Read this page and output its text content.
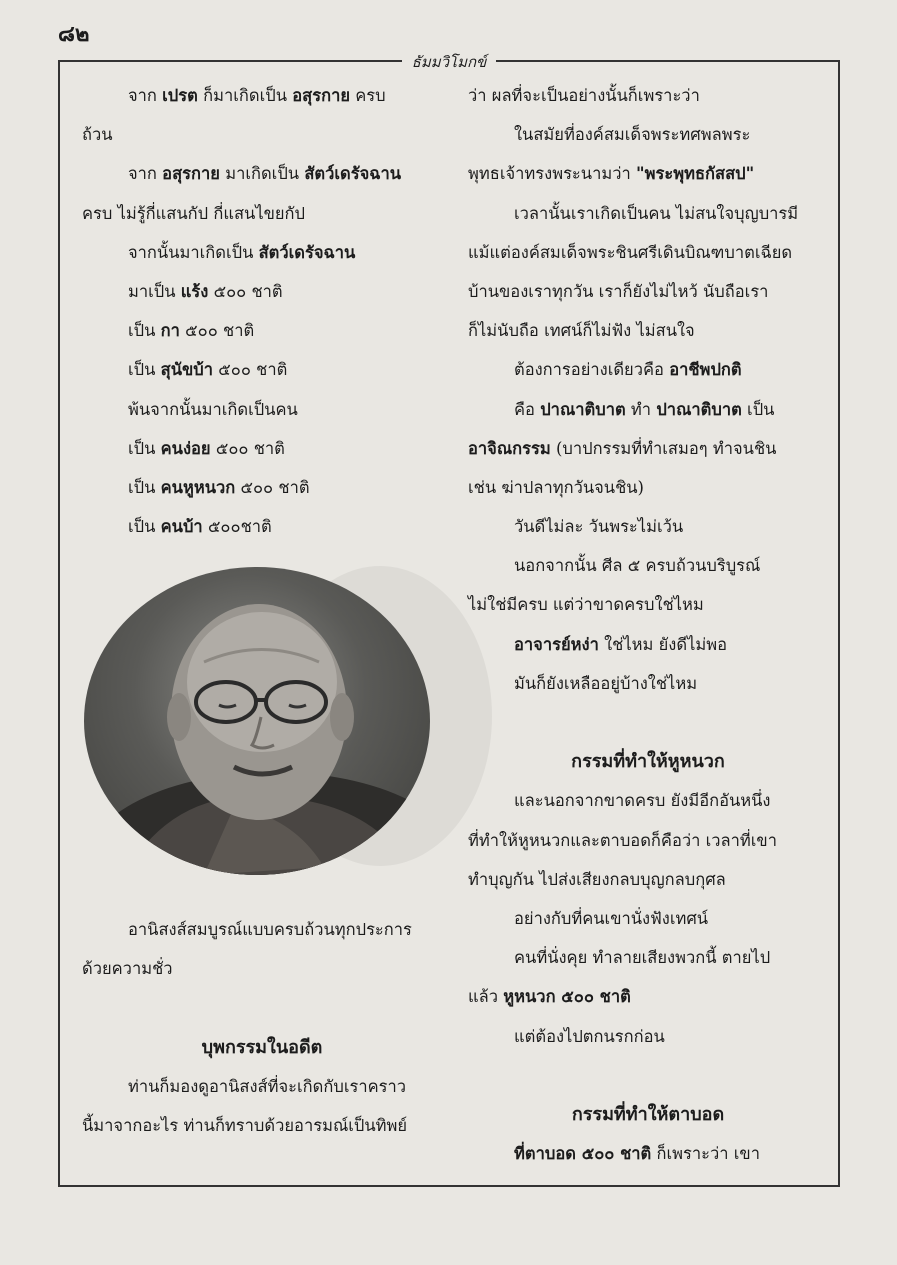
๘๒
ธัมมวิโมกข์
จาก เปรต ก็มาเกิดเป็น อสุรกาย ครบ
ถ้วน
จาก อสุรกาย มาเกิดเป็น สัตว์เดรัจฉาน
ครบ ไม่รู้กี่แสนกัป กี่แสนไขยกัป
จากนั้นมาเกิดเป็น สัตว์เดรัจฉาน
มาเป็น แร้ง ๕๐๐ ชาติ
เป็น กา ๕๐๐ ชาติ
เป็น สุนัขบ้า ๕๐๐ ชาติ
พ้นจากนั้นมาเกิดเป็นคน
เป็น คนง่อย ๕๐๐ ชาติ
เป็น คนหูหนวก ๕๐๐ ชาติ
เป็น คนบ้า ๕๐๐ชาติ
อานิสงส์สมบูรณ์แบบครบถ้วนทุกประการ
ด้วยความชั่ว
บุพกรรมในอดีต
ท่านก็มองดูอานิสงส์ที่จะเกิดกับเราคราว
นี้มาจากอะไร ท่านก็ทราบด้วยอารมณ์เป็นทิพย์
ว่า ผลที่จะเป็นอย่างนั้นก็เพราะว่า
ในสมัยที่องค์สมเด็จพระทศพลพระ
พุทธเจ้าทรงพระนามว่า "พระพุทธกัสสป"
เวลานั้นเราเกิดเป็นคน ไม่สนใจบุญบารมี
แม้แต่องค์สมเด็จพระชินศรีเดินบิณฑบาตเฉียด
บ้านของเราทุกวัน เราก็ยังไม่ไหว้ นับถือเรา
ก็ไม่นับถือ เทศน์ก็ไม่ฟัง ไม่สนใจ
ต้องการอย่างเดียวคือ อาชีพปกติ
คือ ปาณาติบาต ทำ ปาณาติบาต เป็น
อาจิณกรรม (บาปกรรมที่ทำเสมอๆ ทำจนชิน
เช่น ฆ่าปลาทุกวันจนชิน)
วันดีไม่ละ วันพระไม่เว้น
นอกจากนั้น ศีล ๕ ครบถ้วนบริบูรณ์
ไม่ใช่มีครบ แต่ว่าขาดครบใช่ไหม
อาจารย์หง่า ใช่ไหม ยังดีไม่พอ
มันก็ยังเหลืออยู่บ้างใช่ไหม
กรรมที่ทำให้หูหนวก
และนอกจากขาดครบ ยังมีอีกอันหนึ่ง
ที่ทำให้หูหนวกและตาบอดก็คือว่า เวลาที่เขา
ทำบุญกัน ไปส่งเสียงกลบบุญกลบกุศล
อย่างกับที่คนเขานั่งฟังเทศน์
คนที่นั่งคุย ทำลายเสียงพวกนี้ ตายไป
แล้ว หูหนวก ๕๐๐ ชาติ
แต่ต้องไปตกนรกก่อน
กรรมที่ทำให้ตาบอด
ที่ตาบอด ๕๐๐ ชาติ ก็เพราะว่า เขา
